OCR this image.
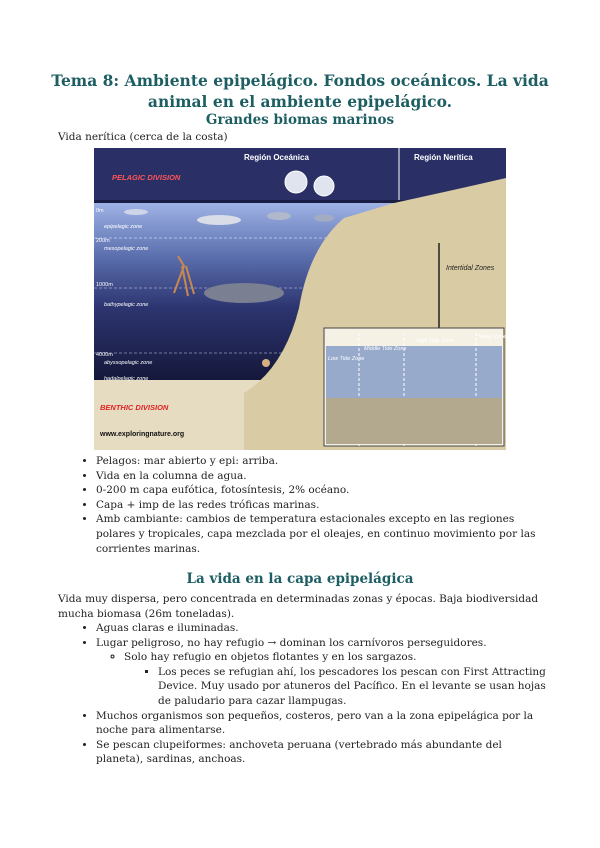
Tema 8: Ambiente epipelágico. Fondos oceánicos. La vida animal en el ambiente epipelágico.
Grandes biomas marinos
Vida nerítica (cerca de la costa)
Región Oceánica	Región Nerítica
PELAGIC DIVISION
0m
epipelagic zone
200m
mesopelagic zone
1000m
bathypelagic zone
4000m
abyssopelagic zone
hadalpelagic zone
Intertidal Zones
Low Tide Zone
Middle Tide Zone
High Tide Zone
Spray Zone
BENTHIC DIVISION
www.exploringnature.org
• Pelagos: mar abierto y epi: arriba.
• Vida en la columna de agua.
• 0-200 m capa eufótica, fotosíntesis, 2% océano.
• Capa + imp de las redes tróficas marinas.
• Amb cambiante: cambios de temperatura estacionales excepto en las regiones polares y tropicales, capa mezclada por el oleajes, en continuo movimiento por las corrientes marinas.
La vida en la capa epipelágica
Vida muy dispersa, pero concentrada en determinadas zonas y épocas. Baja biodiversidad mucha biomasa (26m toneladas).
• Aguas claras e iluminadas.
• Lugar peligroso, no hay refugio → dominan los carnívoros perseguidores.
◦ Solo hay refugio en objetos flotantes y en los sargazos.
▪ Los peces se refugian ahí, los pescadores los pescan con First Attracting Device. Muy usado por atuneros del Pacífico. En el levante se usan hojas de paludario para cazar llampugas.
• Muchos organismos son pequeños, costeros, pero van a la zona epipelágica por la noche para alimentarse.
• Se pescan clupeiformes: anchoveta peruana (vertebrado más abundante del planeta), sardinas, anchoas.
